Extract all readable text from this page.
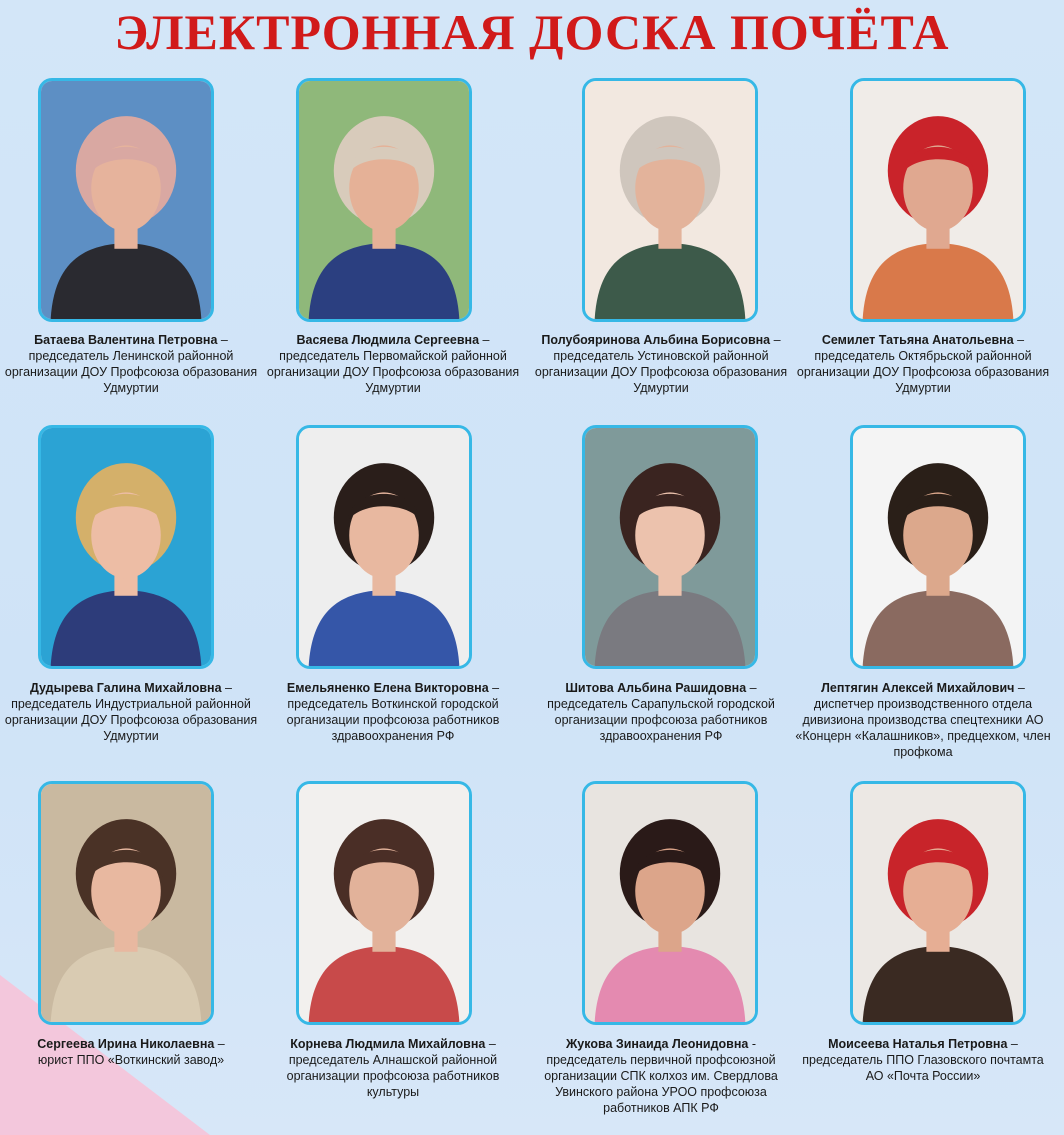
ЭЛЕКТРОННАЯ ДОСКА ПОЧЁТА
Батаева Валентина Петровна –
председатель Ленинской районной организации ДОУ Профсоюза образования Удмуртии
Васяева Людмила Сергеевна –
председатель Первомайской районной организации ДОУ Профсоюза образования Удмуртии
Полубояринова Альбина Борисовна –
председатель Устиновской районной организации ДОУ Профсоюза образования Удмуртии
Семилет Татьяна Анатольевна –
председатель Октябрьской районной организации ДОУ Профсоюза образования Удмуртии
Дудырева Галина Михайловна –
председатель Индустриальной районной организации ДОУ Профсоюза образования Удмуртии
Емельяненко Елена Викторовна –
председатель Воткинской городской организации профсоюза работников здравоохранения РФ
Шитова Альбина Рашидовна –
председатель Сарапульской городской организации профсоюза работников здравоохранения РФ
Лептягин Алексей Михайлович –
диспетчер производственного отдела дивизиона производства спецтехники АО «Концерн «Калашников», предцехком, член профкома
Сергеева Ирина Николаевна –
юрист ППО «Воткинский завод»
Корнева Людмила Михайловна –
председатель Алнашской районной организации профсоюза работников культуры
Жукова Зинаида Леонидовна -
председатель первичной профсоюзной организации СПК колхоз им. Свердлова Увинского района УРОО профсоюза работников АПК РФ
Моисеева Наталья Петровна –
председатель ППО Глазовского почтамта АО «Почта России»
